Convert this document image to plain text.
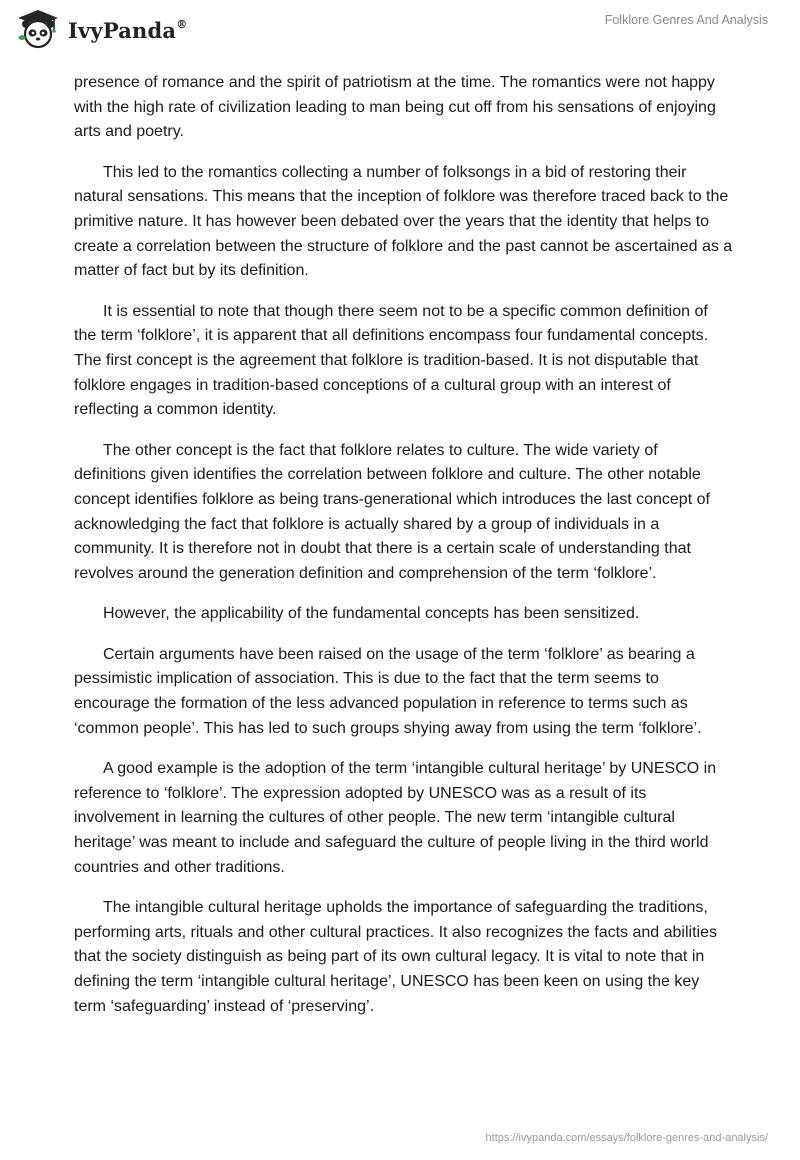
IvyPanda®	Folklore Genres And Analysis

presence of romance and the spirit of patriotism at the time. The romantics were not happy with the high rate of civilization leading to man being cut off from his sensations of enjoying arts and poetry.

This led to the romantics collecting a number of folksongs in a bid of restoring their natural sensations. This means that the inception of folklore was therefore traced back to the primitive nature. It has however been debated over the years that the identity that helps to create a correlation between the structure of folklore and the past cannot be ascertained as a matter of fact but by its definition.

It is essential to note that though there seem not to be a specific common definition of the term ‘folklore’, it is apparent that all definitions encompass four fundamental concepts. The first concept is the agreement that folklore is tradition-based. It is not disputable that folklore engages in tradition-based conceptions of a cultural group with an interest of reflecting a common identity.

The other concept is the fact that folklore relates to culture. The wide variety of definitions given identifies the correlation between folklore and culture. The other notable concept identifies folklore as being trans-generational which introduces the last concept of acknowledging the fact that folklore is actually shared by a group of individuals in a community. It is therefore not in doubt that there is a certain scale of understanding that revolves around the generation definition and comprehension of the term ‘folklore’.

However, the applicability of the fundamental concepts has been sensitized.

Certain arguments have been raised on the usage of the term ‘folklore’ as bearing a pessimistic implication of association. This is due to the fact that the term seems to encourage the formation of the less advanced population in reference to terms such as ‘common people’. This has led to such groups shying away from using the term ‘folklore’.

A good example is the adoption of the term ‘intangible cultural heritage’ by UNESCO in reference to ‘folklore’. The expression adopted by UNESCO was as a result of its involvement in learning the cultures of other people. The new term ‘intangible cultural heritage’ was meant to include and safeguard the culture of people living in the third world countries and other traditions.

The intangible cultural heritage upholds the importance of safeguarding the traditions, performing arts, rituals and other cultural practices. It also recognizes the facts and abilities that the society distinguish as being part of its own cultural legacy. It is vital to note that in defining the term ‘intangible cultural heritage’, UNESCO has been keen on using the key term ‘safeguarding’ instead of ‘preserving’.

https://ivypanda.com/essays/folklore-genres-and-analysis/
